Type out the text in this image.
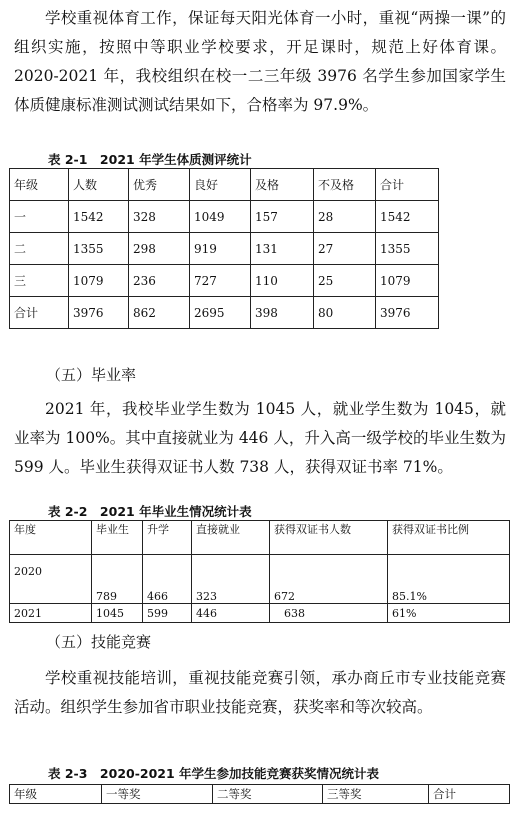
学校重视体育工作，保证每天阳光体育一小时，重视“两操一课”的组织实施，按照中等职业学校要求，开足课时，规范上好体育课。2020-2021 年，我校组织在校一二三年级 3976 名学生参加国家学生体质健康标准测试测试结果如下，合格率为 97.9%。

表 2-1　2021 年学生体质测评统计

年级	人数	优秀	良好	及格	不及格	合计
一	1542	328	1049	157	28	1542
二	1355	298	919	131	27	1355
三	1079	236	727	110	25	1079
合计	3976	862	2695	398	80	3976

（五）毕业率

2021 年，我校毕业学生数为 1045 人，就业学生数为 1045，就业率为 100%。其中直接就业为 446 人，升入高一级学校的毕业生数为 599 人。毕业生获得双证书人数 738 人，获得双证书率 71%。

表 2-2　2021 年毕业生情况统计表

年度	毕业生	升学	直接就业	获得双证书人数	获得双证书比例
2020	789	466	323	672	85.1%
2021	1045	599	446	638	61%

（五）技能竞赛

学校重视技能培训，重视技能竞赛引领，承办商丘市专业技能竞赛活动。组织学生参加省市职业技能竞赛，获奖率和等次较高。

表 2-3　2020-2021 年学生参加技能竞赛获奖情况统计表

年级	一等奖	二等奖	三等奖	合计
